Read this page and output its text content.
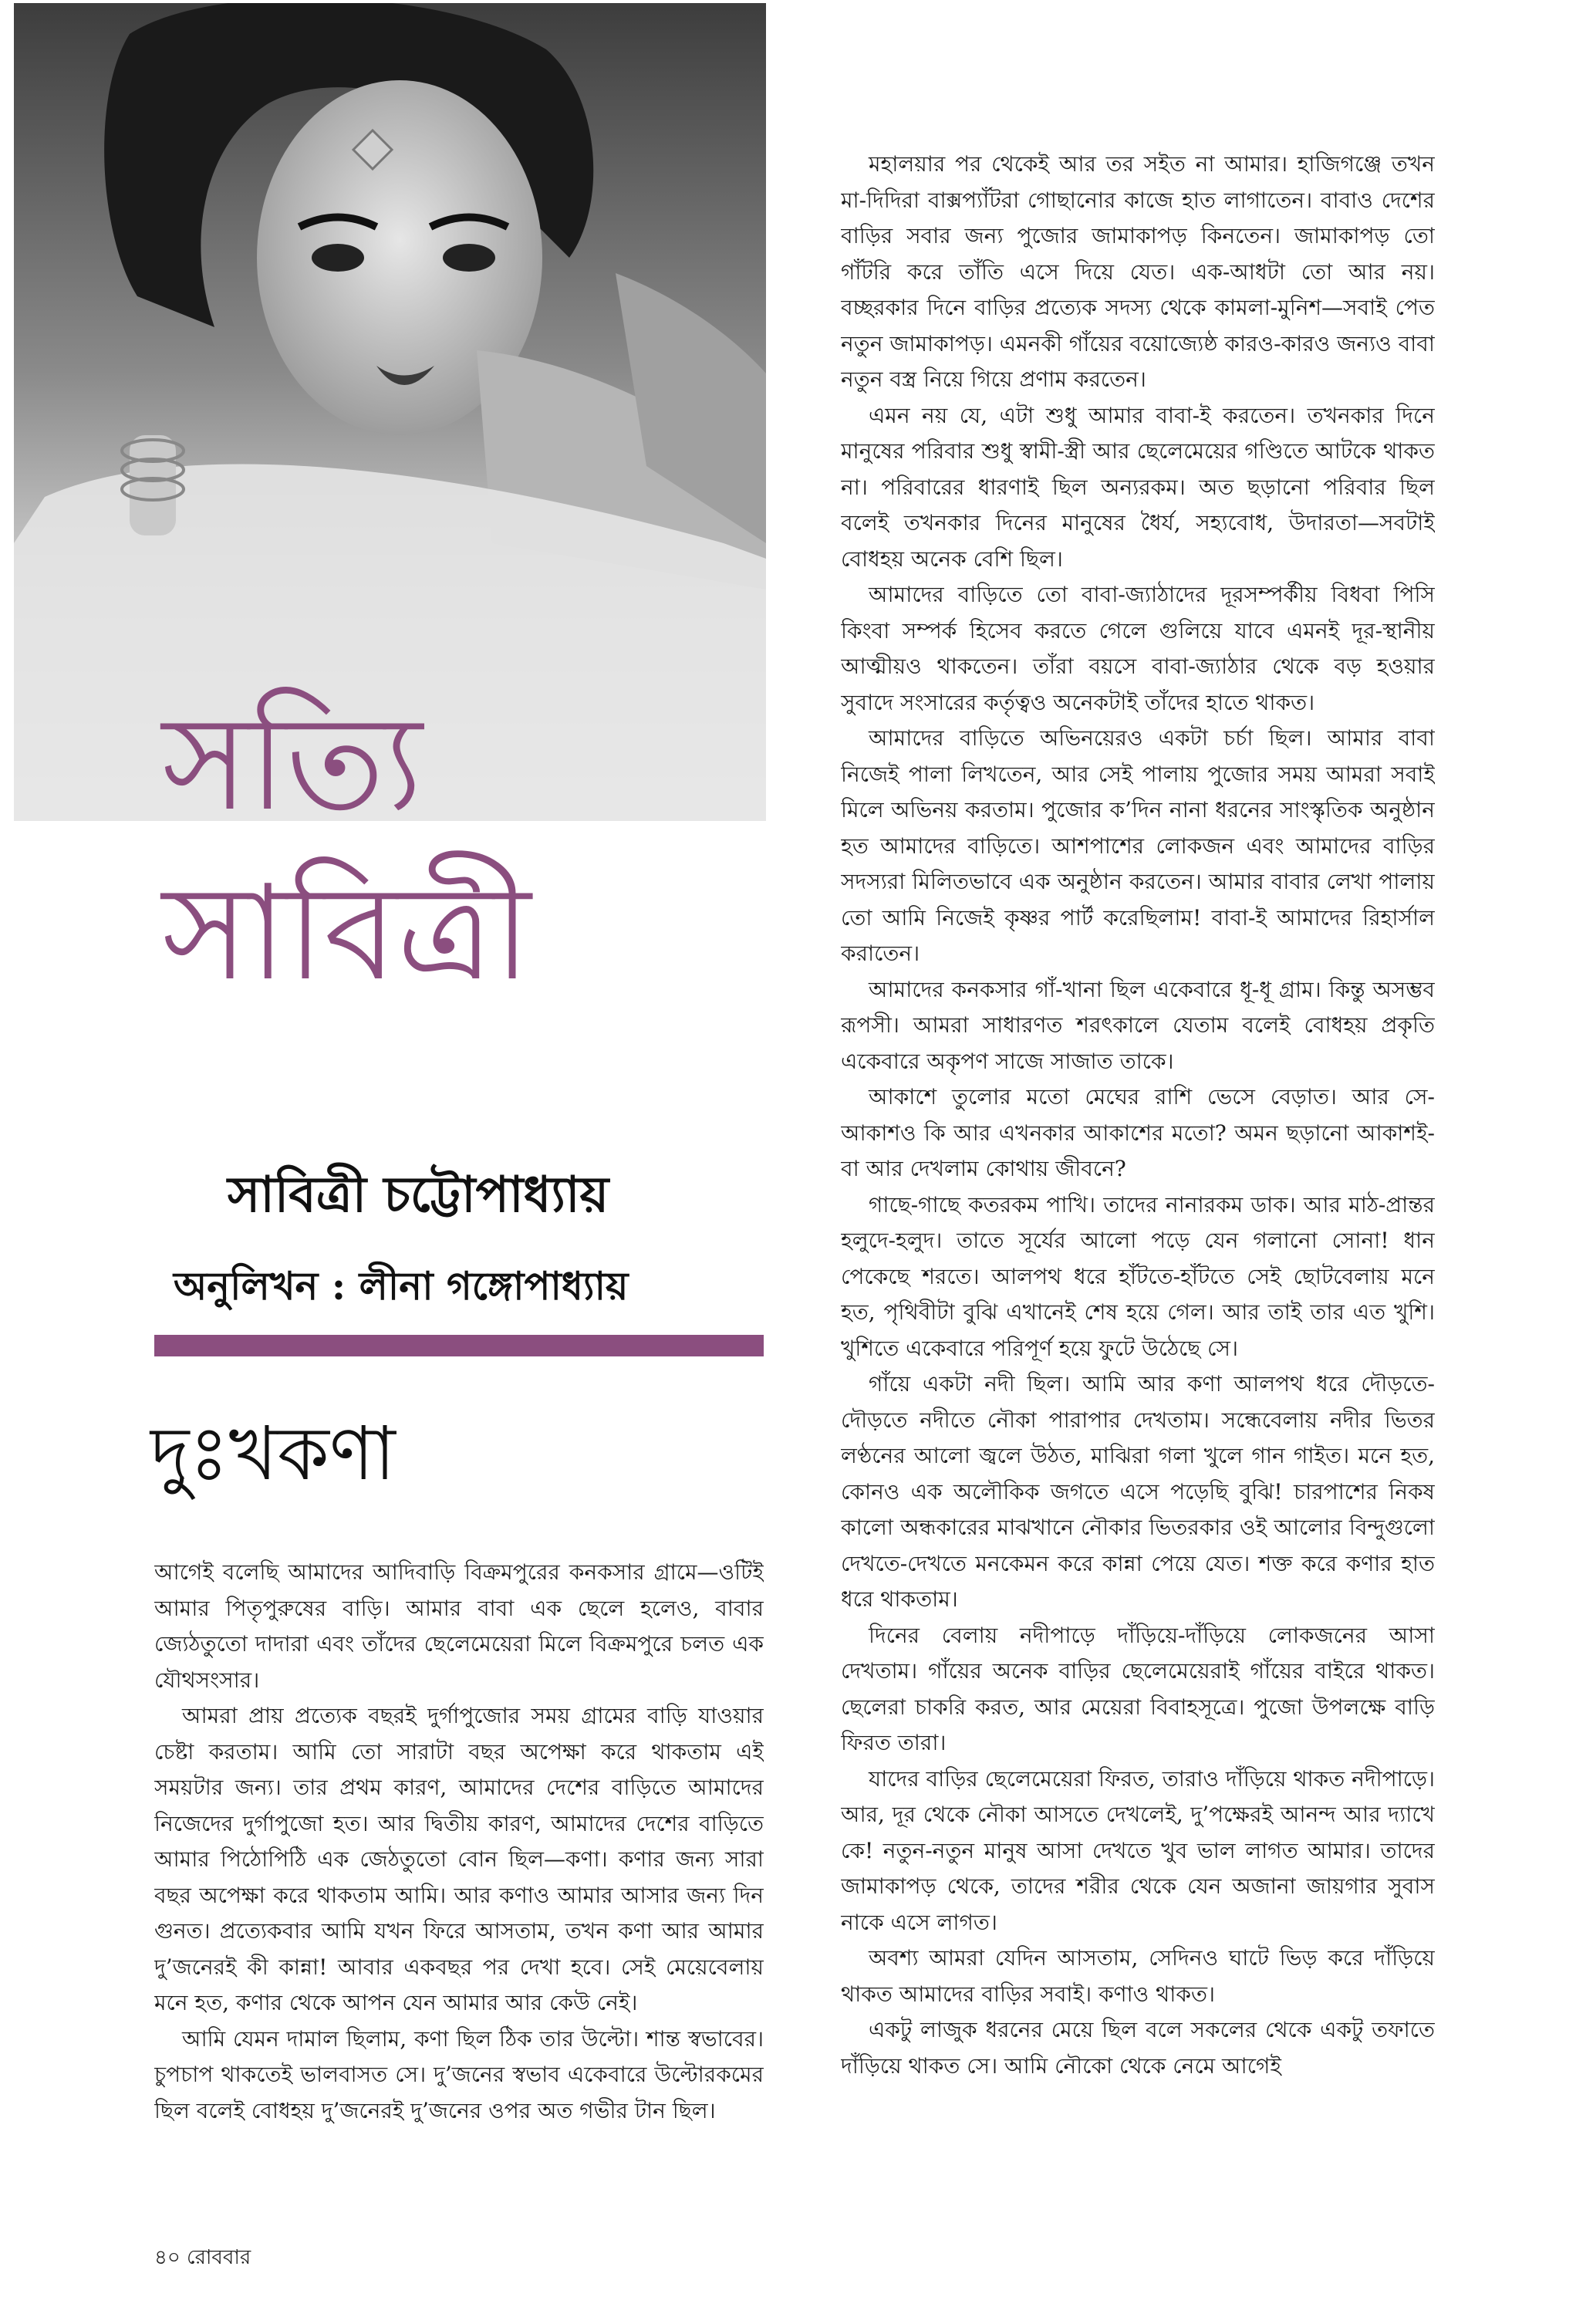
সত্যি
সাবিত্রী
সাবিত্রী চট্টোপাধ্যায়
অনুলিখন : লীনা গঙ্গোপাধ্যায়
দুঃখকণা

আগেই বলেছি আমাদের আদিবাড়ি বিক্রমপুরের কনকসার গ্রামে—ওটিই আমার পিতৃপুরুষের বাড়ি। আমার বাবা এক ছেলে হলেও, বাবার জ্যেঠতুতো দাদারা এবং তাঁদের ছেলেমেয়েরা মিলে বিক্রমপুরে চলত এক যৌথসংসার।

আমরা প্রায় প্রত্যেক বছরই দুর্গাপুজোর সময় গ্রামের বাড়ি যাওয়ার চেষ্টা করতাম। আমি তো সারাটা বছর অপেক্ষা করে থাকতাম এই সময়টার জন্য। তার প্রথম কারণ, আমাদের দেশের বাড়িতে আমাদের নিজেদের দুর্গাপুজো হত। আর দ্বিতীয় কারণ, আমাদের দেশের বাড়িতে আমার পিঠোপিঠি এক জেঠতুতো বোন ছিল—কণা। কণার জন্য সারা বছর অপেক্ষা করে থাকতাম আমি। আর কণাও আমার আসার জন্য দিন গুনত। প্রত্যেকবার আমি যখন ফিরে আসতাম, তখন কণা আর আমার দু’জনেরই কী কান্না! আবার একবছর পর দেখা হবে। সেই মেয়েবেলায় মনে হত, কণার থেকে আপন যেন আমার আর কেউ নেই।

আমি যেমন দামাল ছিলাম, কণা ছিল ঠিক তার উল্টো। শান্ত স্বভাবের। চুপচাপ থাকতেই ভালবাসত সে। দু’জনের স্বভাব একেবারে উল্টোরকমের ছিল বলেই বোধহয় দু’জনেরই দু’জনের ওপর অত গভীর টান ছিল।

মহালয়ার পর থেকেই আর তর সইত না আমার। হাজিগঞ্জে তখন মা-দিদিরা বাক্সপ্যাঁটরা গোছানোর কাজে হাত লাগাতেন। বাবাও দেশের বাড়ির সবার জন্য পুজোর জামাকাপড় কিনতেন। জামাকাপড় তো গাঁটরি করে তাঁতি এসে দিয়ে যেত। এক-আধটা তো আর নয়। বচ্ছরকার দিনে বাড়ির প্রত্যেক সদস্য থেকে কামলা-মুনিশ—সবাই পেত নতুন জামাকাপড়। এমনকী গাঁয়ের বয়োজ্যেষ্ঠ কারও-কারও জন্যও বাবা নতুন বস্ত্র নিয়ে গিয়ে প্রণাম করতেন।

এমন নয় যে, এটা শুধু আমার বাবা-ই করতেন। তখনকার দিনে মানুষের পরিবার শুধু স্বামী-স্ত্রী আর ছেলেমেয়ের গণ্ডিতে আটকে থাকত না। পরিবারের ধারণাই ছিল অন্যরকম। অত ছড়ানো পরিবার ছিল বলেই তখনকার দিনের মানুষের ধৈর্য, সহ্যবোধ, উদারতা—সবটাই বোধহয় অনেক বেশি ছিল।

আমাদের বাড়িতে তো বাবা-জ্যাঠাদের দূরসম্পর্কীয় বিধবা পিসি কিংবা সম্পর্ক হিসেব করতে গেলে গুলিয়ে যাবে এমনই দূর-স্থানীয় আত্মীয়ও থাকতেন। তাঁরা বয়সে বাবা-জ্যাঠার থেকে বড় হওয়ার সুবাদে সংসারের কর্তৃত্বও অনেকটাই তাঁদের হাতে থাকত।

আমাদের বাড়িতে অভিনয়েরও একটা চর্চা ছিল। আমার বাবা নিজেই পালা লিখতেন, আর সেই পালায় পুজোর সময় আমরা সবাই মিলে অভিনয় করতাম। পুজোর ক’দিন নানা ধরনের সাংস্কৃতিক অনুষ্ঠান হত আমাদের বাড়িতে। আশপাশের লোকজন এবং আমাদের বাড়ির সদস্যরা মিলিতভাবে এক অনুষ্ঠান করতেন। আমার বাবার লেখা পালায় তো আমি নিজেই কৃষ্ণর পার্ট করেছিলাম! বাবা-ই আমাদের রিহার্সাল করাতেন।

আমাদের কনকসার গাঁ-খানা ছিল একেবারে ধূ-ধূ গ্রাম। কিন্তু অসম্ভব রূপসী। আমরা সাধারণত শরৎকালে যেতাম বলেই বোধহয় প্রকৃতি একেবারে অকৃপণ সাজে সাজাত তাকে।

আকাশে তুলোর মতো মেঘের রাশি ভেসে বেড়াত। আর সে-আকাশও কি আর এখনকার আকাশের মতো? অমন ছড়ানো আকাশই-বা আর দেখলাম কোথায় জীবনে?

গাছে-গাছে কতরকম পাখি। তাদের নানারকম ডাক। আর মাঠ-প্রান্তর হলুদে-হলুদ। তাতে সূর্যের আলো পড়ে যেন গলানো সোনা! ধান পেকেছে শরতে। আলপথ ধরে হাঁটতে-হাঁটতে সেই ছোটবেলায় মনে হত, পৃথিবীটা বুঝি এখানেই শেষ হয়ে গেল। আর তাই তার এত খুশি। খুশিতে একেবারে পরিপূর্ণ হয়ে ফুটে উঠেছে সে।

গাঁয়ে একটা নদী ছিল। আমি আর কণা আলপথ ধরে দৌড়তে-দৌড়তে নদীতে নৌকা পারাপার দেখতাম। সন্ধেবেলায় নদীর ভিতর লণ্ঠনের আলো জ্বলে উঠত, মাঝিরা গলা খুলে গান গাইত। মনে হত, কোনও এক অলৌকিক জগতে এসে পড়েছি বুঝি! চারপাশের নিকষ কালো অন্ধকারের মাঝখানে নৌকার ভিতরকার ওই আলোর বিন্দুগুলো দেখতে-দেখতে মনকেমন করে কান্না পেয়ে যেত। শক্ত করে কণার হাত ধরে থাকতাম।

দিনের বেলায় নদীপাড়ে দাঁড়িয়ে-দাঁড়িয়ে লোকজনের আসা দেখতাম। গাঁয়ের অনেক বাড়ির ছেলেমেয়েরাই গাঁয়ের বাইরে থাকত। ছেলেরা চাকরি করত, আর মেয়েরা বিবাহসূত্রে। পুজো উপলক্ষে বাড়ি ফিরত তারা।

যাদের বাড়ির ছেলেমেয়েরা ফিরত, তারাও দাঁড়িয়ে থাকত নদীপাড়ে। আর, দূর থেকে নৌকা আসতে দেখলেই, দু’পক্ষেরই আনন্দ আর দ্যাখে কে! নতুন-নতুন মানুষ আসা দেখতে খুব ভাল লাগত আমার। তাদের জামাকাপড় থেকে, তাদের শরীর থেকে যেন অজানা জায়গার সুবাস নাকে এসে লাগত।

অবশ্য আমরা যেদিন আসতাম, সেদিনও ঘাটে ভিড় করে দাঁড়িয়ে থাকত আমাদের বাড়ির সবাই। কণাও থাকত।

একটু লাজুক ধরনের মেয়ে ছিল বলে সকলের থেকে একটু তফাতে দাঁড়িয়ে থাকত সে। আমি নৌকো থেকে নেমে আগেই

৪০ রোববার
